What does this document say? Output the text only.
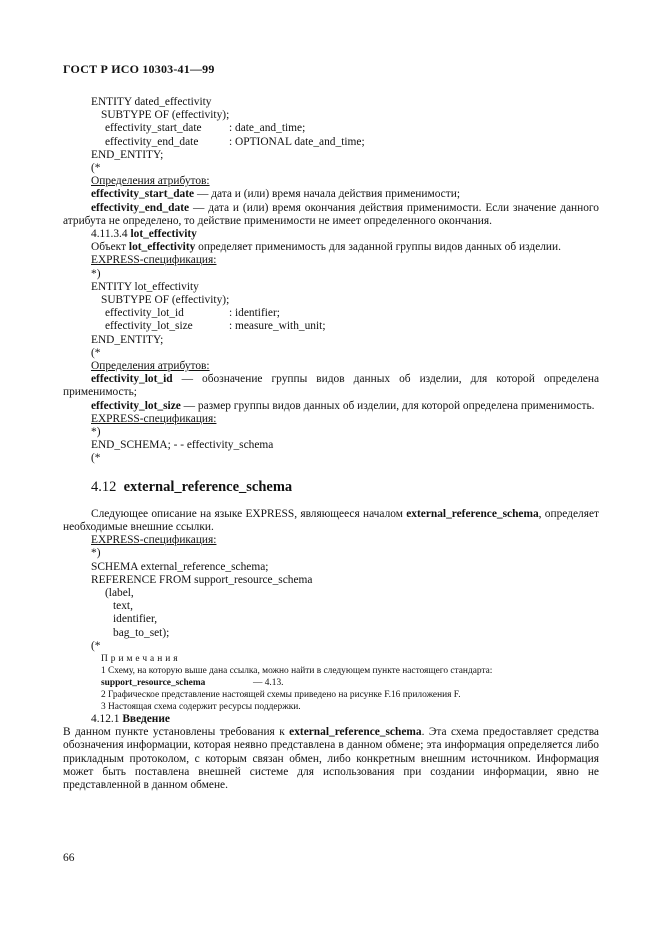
ГОСТ Р ИСО 10303-41—99
ENTITY dated_effectivity
SUBTYPE OF (effectivity);
effectivity_start_date : date_and_time;
effectivity_end_date	: OPTIONAL date_and_time;
END_ENTITY;
(*
Определения атрибутов:
effectivity_start_date — дата и (или) время начала действия применимости;
effectivity_end_date — дата и (или) время окончания действия применимости. Если значение данного атрибута не определено, то действие применимости не имеет определенного окончания.
4.11.3.4 lot_effectivity
Объект lot_effectivity определяет применимость для заданной группы видов данных об изделии.
EXPRESS-спецификация:
*)
ENTITY lot_effectivity
SUBTYPE OF (effectivity);
effectivity_lot_id	: identifier;
effectivity_lot_size	: measure_with_unit;
END_ENTITY;
(*
Определения атрибутов:
effectivity_lot_id — обозначение группы видов данных об изделии, для которой определена применимость;
effectivity_lot_size — размер группы видов данных об изделии, для которой определена применимость.
EXPRESS-спецификация:
*)
END_SCHEMA; - - effectivity_schema
(*
4.12 external_reference_schema
Следующее описание на языке EXPRESS, являющееся началом external_reference_schema, определяет необходимые внешние ссылки.
EXPRESS-спецификация:
*)
SCHEMA external_reference_schema;
REFERENCE FROM support_resource_schema
(label,
text,
identifier,
bag_to_set);
(*
Примечания
1 Схему, на которую выше дана ссылка, можно найти в следующем пункте настоящего стандарта:
support_resource_schema	— 4.13.
2 Графическое представление настоящей схемы приведено на рисунке F.16 приложения F.
3 Настоящая схема содержит ресурсы поддержки.
4.12.1 Введение
В данном пункте установлены требования к external_reference_schema. Эта схема предоставляет средства обозначения информации, которая неявно представлена в данном обмене; эта информация определяется либо прикладным протоколом, с которым связан обмен, либо конкретным внешним источником. Информация может быть поставлена внешней системе для использования при создании информации, явно не представленной в данном обмене.
66
